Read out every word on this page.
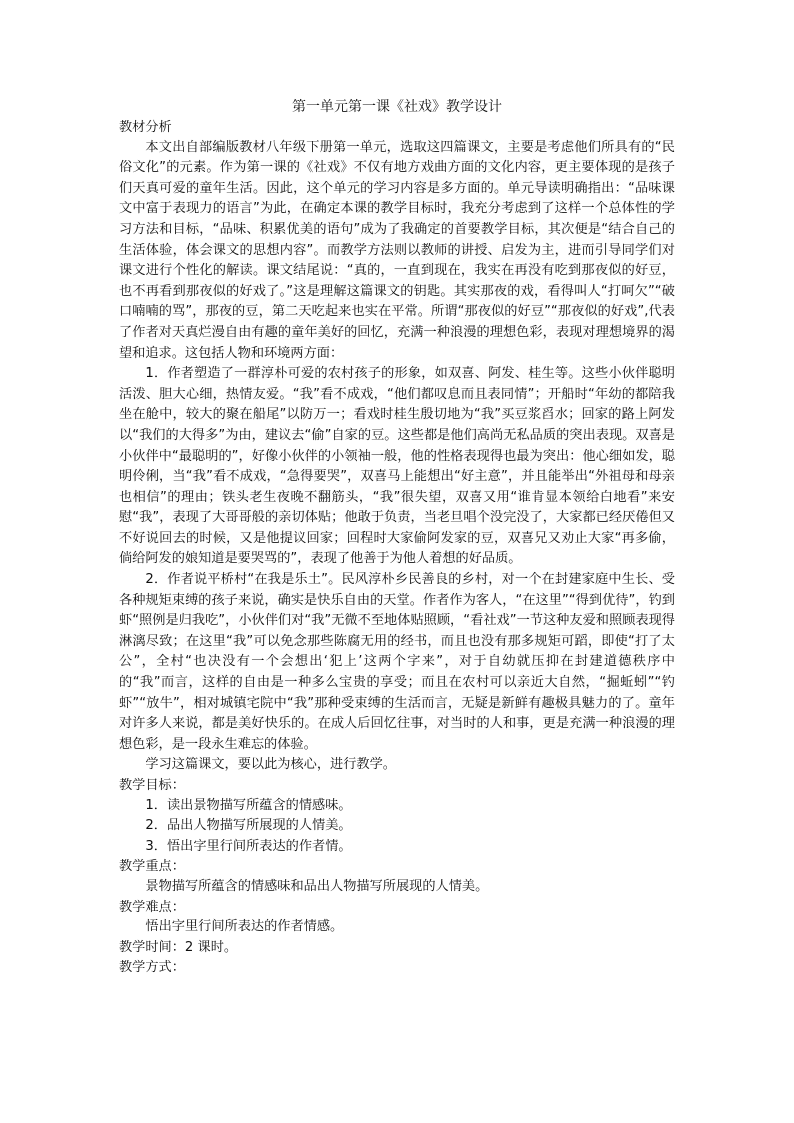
第一单元第一课《社戏》教学设计

教材分析

本文出自部编版教材八年级下册第一单元，选取这四篇课文，主要是考虑他们所具有的“民俗文化”的元素。作为第一课的《社戏》不仅有地方戏曲方面的文化内容，更主要体现的是孩子们天真可爱的童年生活。因此，这个单元的学习内容是多方面的。单元导读明确指出：“品味课文中富于表现力的语言”为此，在确定本课的教学目标时，我充分考虑到了这样一个总体性的学习方法和目标，“品味、积累优美的语句”成为了我确定的首要教学目标，其次便是“结合自己的生活体验，体会课文的思想内容”。而教学方法则以教师的讲授、启发为主，进而引导同学们对课文进行个性化的解读。课文结尾说：“真的，一直到现在，我实在再没有吃到那夜似的好豆，也不再看到那夜似的好戏了。”这是理解这篇课文的钥匙。其实那夜的戏，看得叫人“打呵欠”“破口喃喃的骂”，那夜的豆，第二天吃起来也实在平常。所谓“那夜似的好豆”“那夜似的好戏”,代表了作者对天真烂漫自由有趣的童年美好的回忆，充满一种浪漫的理想色彩，表现对理想境界的渴望和追求。这包括人物和环境两方面：

1．作者塑造了一群淳朴可爱的农村孩子的形象，如双喜、阿发、桂生等。这些小伙伴聪明活泼、胆大心细，热情友爱。“我”看不成戏，“他们都叹息而且表同情”；开船时“年幼的都陪我坐在舱中，较大的聚在船尾”以防万一；看戏时桂生殷切地为“我”买豆浆舀水；回家的路上阿发以“我们的大得多”为由，建议去“偷”自家的豆。这些都是他们高尚无私品质的突出表现。双喜是小伙伴中“最聪明的”，好像小伙伴的小领袖一般，他的性格表现得也最为突出：他心细如发，聪明伶俐，当“我”看不成戏，“急得要哭”，双喜马上能想出“好主意”，并且能举出“外祖母和母亲也相信”的理由；铁头老生夜晚不翻筋头，“我”很失望，双喜又用“谁肯显本领给白地看”来安慰“我”，表现了大哥哥般的亲切体贴；他敢于负责，当老旦唱个没完没了，大家都已经厌倦但又不好说回去的时候，又是他提议回家；回程时大家偷阿发家的豆，双喜兄又劝止大家“再多偷，倘给阿发的娘知道是要哭骂的”，表现了他善于为他人着想的好品质。

2．作者说平桥村“在我是乐土”。民风淳朴乡民善良的乡村，对一个在封建家庭中生长、受各种规矩束缚的孩子来说，确实是快乐自由的天堂。作者作为客人，“在这里”“得到优待”，钓到虾“照例是归我吃”，小伙伴们对“我”无微不至地体贴照顾，“看社戏”一节这种友爱和照顾表现得淋漓尽致；在这里“我”可以免念那些陈腐无用的经书，而且也没有那多规矩可蹈，即使“打了太公”，全村“也决没有一个会想出‘犯上’这两个字来”，对于自幼就压抑在封建道德秩序中的“我”而言，这样的自由是一种多么宝贵的享受；而且在农村可以亲近大自然，“掘蚯蚓”“钓虾”“放牛”，相对城镇宅院中“我”那种受束缚的生活而言，无疑是新鲜有趣极具魅力的了。童年对许多人来说，都是美好快乐的。在成人后回忆往事，对当时的人和事，更是充满一种浪漫的理想色彩，是一段永生难忘的体验。

学习这篇课文，要以此为核心，进行教学。

教学目标：

1．读出景物描写所蕴含的情感味。

2．品出人物描写所展现的人情美。

3．悟出字里行间所表达的作者情。

教学重点：

景物描写所蕴含的情感味和品出人物描写所展现的人情美。

教学难点：

悟出字里行间所表达的作者情感。

教学时间：2 课时。

教学方式：
